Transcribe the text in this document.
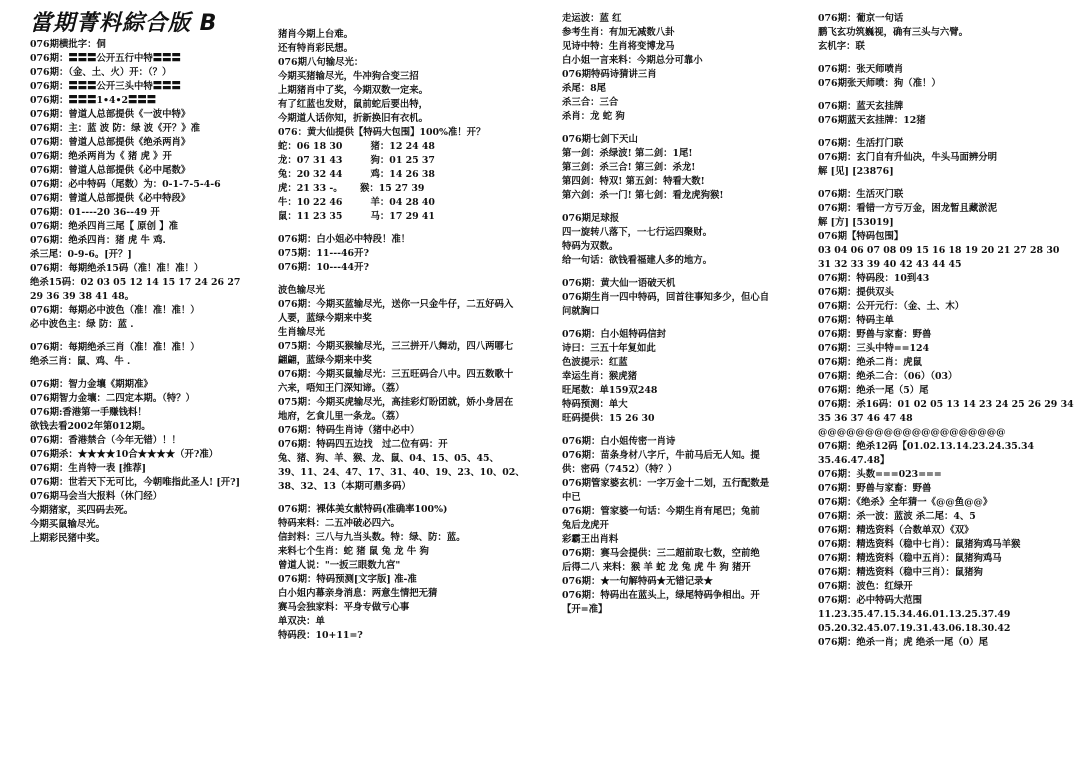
當期菁料綜合版 B
076期横批字：侗
076期：〓〓〓公开五行中特〓〓〓
076期：（金、土、火）开：（？）
076期：〓〓〓公开三头中特〓〓〓
076期：〓〓〓1•4•2〓〓〓
076期：曾道人总部提供《一波中特》
076期：主：蓝 波 防：绿 波《开？》准
076期：曾道人总部提供《绝杀两肖》
076期：绝杀两肖为《 猪 虎 》开
076期：曾道人总部提供《必中尾数》
076期：必中特码（尾数）为：0-1-7-5-4-6
076期：曾道人总部提供《必中特段》
076期：01----20 36--49 开
076期：绝杀四肖三尾【 原创 】准
076期：绝杀四肖：猪 虎 牛 鸡.
杀三尾：0-9-6。[开？]
076期：每期绝杀15码（准！准！准！）
绝杀15码：02 03 05 12 14 15 17 24 26 27
29 36 39 38 41 48。
076期：每期必中波色（准！准！准！）
必中波色主：绿 防：蓝 .
076期：每期绝杀三肖（准！准！准！）
绝杀三肖：鼠、鸡、牛 .
076期：智力金壤《期期准》
076期智力金壤：二四定本期。（特？）
076期:香港第一手赚钱料！
欲钱去看2002年第012期。
076期：香港禁合（今年无错）！！
076期杀：★★★★10合★★★★（开?准）
076期：生肖特一表 [推荐]
076期：世若天下无可比，今朝唯指此圣人! [开?]
076期马会当大报料（休门经）
今期猪家，买四码去死。
今期买鼠输尽光。
上期彩民猪中奖。
猪肖今期上台难。
还有特肖彩民想。
076期八句输尽光：
今期买猪输尽光，牛冲狗合变三招
上期猪肖中了奖，今期双数一定来。
有了红蓝也发财，鼠前蛇后要出特，
今期道人话你知，折新换旧有衣机。
076：黄大仙提供【特码大包围】100%准！开？
蛇：06 18 30　　　猪：12 24 48
龙：07 31 43　　　狗：01 25 37
兔：20 32 44　　　鸡：14 26 38
虎：21 33 -。　　 猴：15 27 39
牛：10 22 46　　　羊：04 28 40
鼠：11 23 35　　　马：17 29 41
076期：白小姐必中特段！准！
075期：11---46开?
076期：10---44开?
波色输尽光
076期：今期买蓝输尽光，送你一只金牛仔，二五好码入
人要，蓝绿今期来中奖
生肖输尽光
075期：今期买猴输尽光，三三拼开八舞动，四八两哪七
翩翩，蓝绿今期来中奖
076期：今期买鼠输尽光：三五旺码合八中。四五数歌十
六来，唔知王门深知谛。（荔）
075期：今期买虎输尽光，高挂彩灯盼团就，娇小身居在
地府，乞食儿里一条龙。（荔）
076期：特码生肖诗（猪中必中）
076期：特码四五边找　过二位有码：开
兔、猪、狗、羊、猴、龙、鼠、04、15、05、45、
39、11、24、47、17、31、40、19、23、10、02、
38、32、13（本期可鼎多码）
076期：裸体美女献特码(准确率100%)
特码来料：二五冲破必四六。
信封料：三八与九当头数。特：绿、防：蓝。
来料七个生肖：蛇 猪 鼠 兔 龙 牛 狗
曾道人说："一扳三眼数九宫"
076期：特码预测[文字版] 准-准
白小姐内幕亲身消息：两意生情把无猜
赛马会独家料：平身专做亏心事
单双决：单
特码段：10+11=?
走运波：蓝 红
参考生肖：有加无减数八卦
见诗中特：生肖将变博龙马
白小姐一言来料：今期总分可靠小
076期特码诗猜讲三肖
杀尾：8尾
杀三合：三合
杀肖：龙 蛇 狗
076期七剑下天山
第一剑：杀绿波! 第二剑：1尾!
第三剑：杀三合! 第三剑：杀龙!
第四剑：特双! 第五剑：特看大数!
第六剑：杀一门! 第七剑：看龙虎狗猴!
076期足球报
四一旋转八落下，一七行运四聚财。
特码为双数。
给一句话：欲钱看福建人多的地方。
076期：黄大仙一语破天机
076期生肖一四中特码，回首往事知多少，但心自
问就胸口
076期：白小姐特码信封
诗曰：三五十年复如此
色波提示：红蓝
幸运生肖：猴虎猪
旺尾数：单159双248
特码预测：单大
旺码提供：15 26 30
076期：白小姐传密一肖诗
076期：苗条身材八字斤，牛前马后无人知。提
供：密码（7452）（特？）
076期管家婆玄机：一字万金十二划，五行配数是
中已
076期：管家婆一句话：今期生肖有尾巴；兔前
兔后龙虎开
彩霸王出肖料
076期：赛马会提供：三二超前取七数，空前绝
后得二八 来料：猴 羊 蛇 龙 兔 虎 牛 狗 猪开
076期：★一句解特码★无错记录★
076期：特码出在蓝头上，绿尾特码争相出。开
【开=准】
076期：葡京一句话
鹏飞玄功筑巍视，确有三头与六臂。
玄机字：联
076期：张天师喷肖
076期张天师喷：狗（准！）
076期：蓝天玄挂牌
076期蓝天玄挂牌：12猪
076期：生活打门联
076期：玄门自有升仙决，牛头马面辨分明
解 [见] [23876]
076期：生活灭门联
076期：看错一方亏万金，困龙暂且藏淤泥
解 [方] [53019]
076期【特码包围】
03 04 06 07 08 09 15 16 18 19 20 21 27 28 30
31 32 33 39 40 42 43 44 45
076期：特码段：10到43
076期：提供双头
076期：公开元行：（金、土、木）
076期：特码主单
076期：野兽与家畜：野兽
076期：三头中特==124
076期：绝杀二肖：虎鼠
076期：绝杀二合：（06）（03）
076期：绝杀一尾（5）尾
076期：杀16码：01 02 05 13 14 23 24 25 26 29 34
35 36 37 46 47 48
@@@@@@@@@@@@@@@@@@@@
076期：绝杀12码【01.02.13.14.23.24.35.34
35.46.47.48】
076期：头数===023===
076期：野兽与家畜：野兽
076期：《绝杀》全年猜一《@@鱼@@》
076期：杀一波：蓝波 杀二尾：4、5
076期：精选资料（合数单双）《双》
076期：精选资料（稳中七肖）：鼠猪狗鸡马羊猴
076期：精选资料（稳中五肖）：鼠猪狗鸡马
076期：精选资料（稳中三肖）：鼠猪狗
076期：波色：红绿开
076期：必中特码大范围
11.23.35.47.15.34.46.01.13.25.37.49
05.20.32.45.07.19.31.43.06.18.30.42
076期：绝杀一肖；虎 绝杀一尾（0）尾
